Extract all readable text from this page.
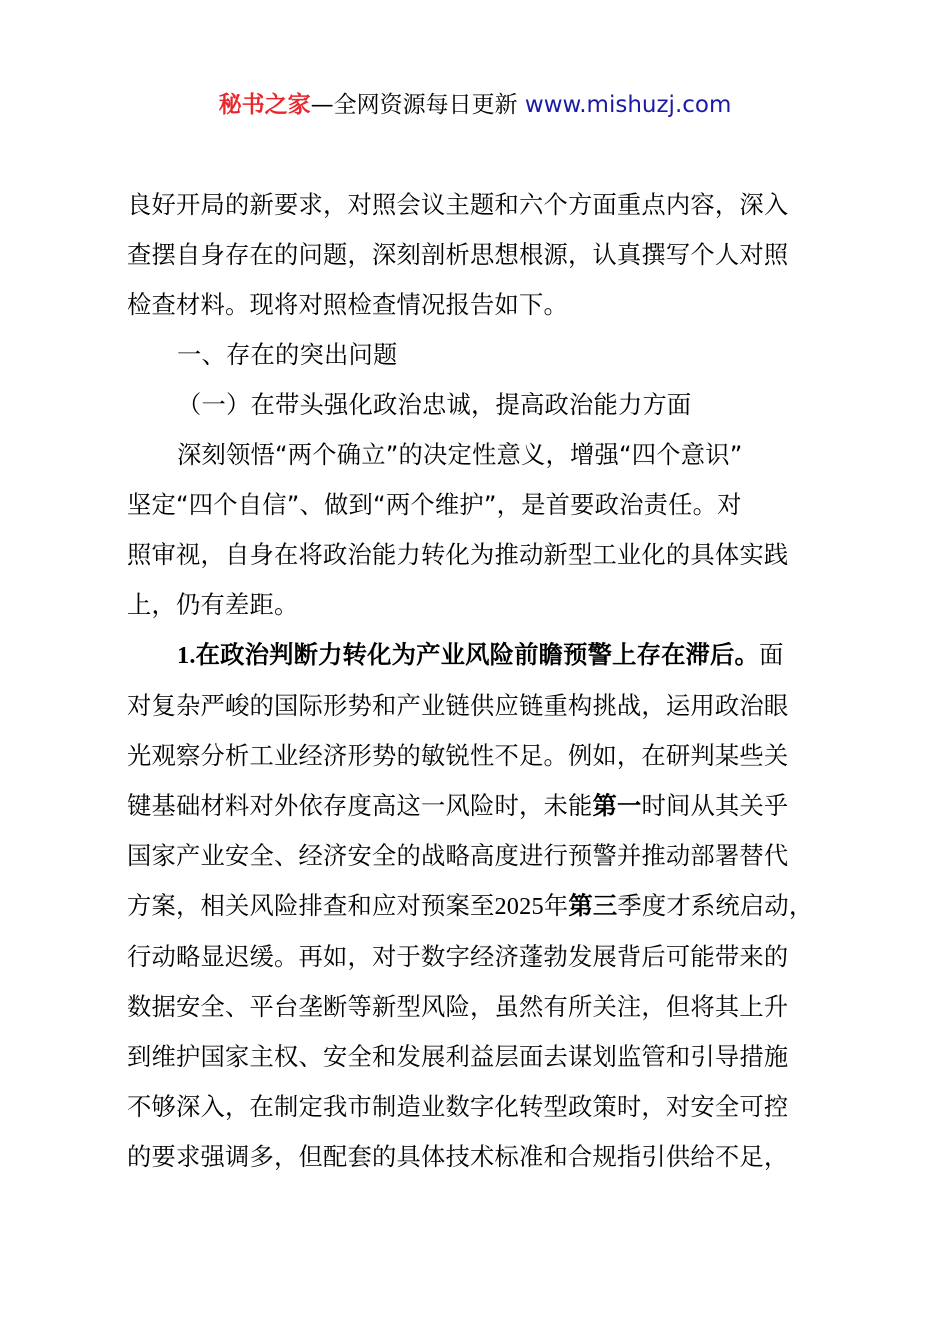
秘书之家—全网资源每日更新 www.mishuzj.com

良好开局的新要求，对照会议主题和六个方面重点内容，深入
查摆自身存在的问题，深刻剖析思想根源，认真撰写个人对照
检查材料。现将对照检查情况报告如下。

一、存在的突出问题

（一）在带头强化政治忠诚，提高政治能力方面

深刻领悟“两个确立”的决定性意义，增强“四个意识”
坚定“四个自信”、做到“两个维护”，是首要政治责任。对
照审视，自身在将政治能力转化为推动新型工业化的具体实践
上，仍有差距。

1.在政治判断力转化为产业风险前瞻预警上存在滞后。面
对复杂严峻的国际形势和产业链供应链重构挑战，运用政治眼
光观察分析工业经济形势的敏锐性不足。例如，在研判某些关
键基础材料对外依存度高这一风险时，未能第一时间从其关乎
国家产业安全、经济安全的战略高度进行预警并推动部署替代
方案，相关风险排查和应对预案至2025年第三季度才系统启动，
行动略显迟缓。再如，对于数字经济蓬勃发展背后可能带来的
数据安全、平台垄断等新型风险，虽然有所关注，但将其上升
到维护国家主权、安全和发展利益层面去谋划监管和引导措施
不够深入，在制定我市制造业数字化转型政策时，对安全可控
的要求强调多，但配套的具体技术标准和合规指引供给不足，
